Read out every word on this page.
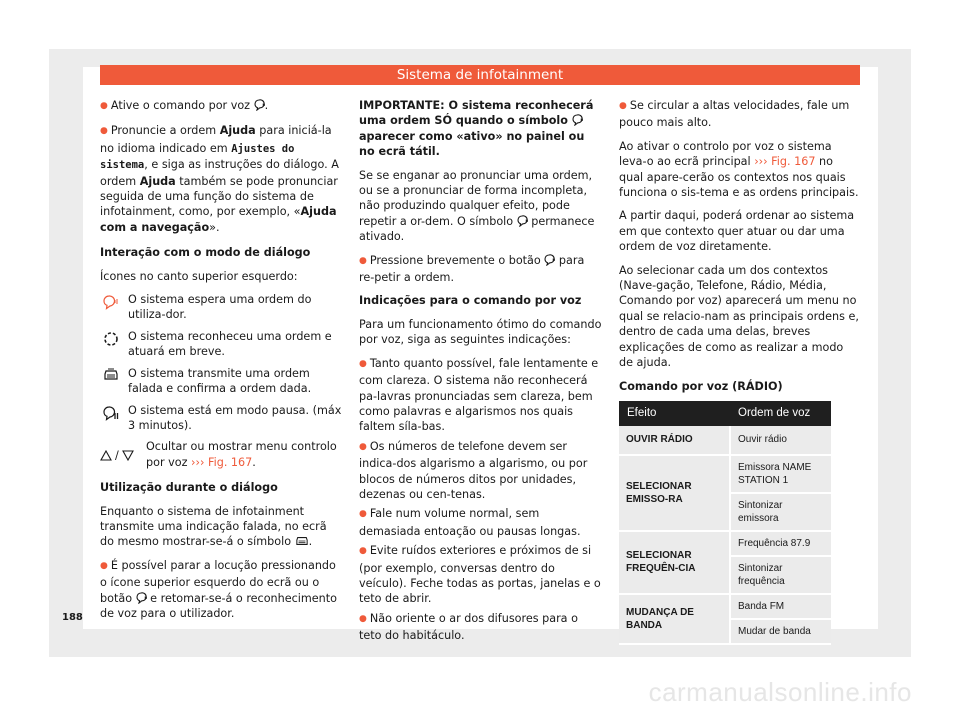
Sistema de infotainment

● Ative o comando por voz .

● Pronuncie a ordem Ajuda para iniciá-la no idioma indicado em Ajustes do sistema, e siga as instruções do diálogo. A ordem Ajuda também se pode pronunciar seguida de uma função do sistema de infotainment, como, por exemplo, «Ajuda com a navegação».

Interação com o modo de diálogo

Ícones no canto superior esquerdo:

O sistema espera uma ordem do utiliza-dor.
O sistema reconheceu uma ordem e atuará em breve.
O sistema transmite uma ordem falada e confirma a ordem dada.
O sistema está em modo pausa. (máx 3 minutos).
/
Ocultar ou mostrar menu controlo por voz ››› Fig. 167.

Utilização durante o diálogo

Enquanto o sistema de infotainment transmite uma indicação falada, no ecrã do mesmo mostrar-se-á o símbolo .

● É possível parar a locução pressionando o ícone superior esquerdo do ecrã ou o botão e retomar-se-á o reconhecimento de voz para o utilizador.

IMPORTANTE: O sistema reconhecerá uma ordem SÓ quando o símbolo  aparecer como «ativo» no painel ou no ecrã tátil.

Se se enganar ao pronunciar uma ordem, ou se a pronunciar de forma incompleta, não produzindo qualquer efeito, pode repetir a or-dem. O símbolo permanece ativado.

● Pressione brevemente o botão para re-petir a ordem.

Indicações para o comando por voz

Para um funcionamento ótimo do comando por voz, siga as seguintes indicações:

● Tanto quanto possível, fale lentamente e com clareza. O sistema não reconhecerá pa-lavras pronunciadas sem clareza, bem como palavras e algarismos nos quais faltem síla-bas.

● Os números de telefone devem ser indica-dos algarismo a algarismo, ou por blocos de números ditos por unidades, dezenas ou cen-tenas.

● Fale num volume normal, sem demasiada entoação ou pausas longas.

● Evite ruídos exteriores e próximos de si (por exemplo, conversas dentro do veículo). Feche todas as portas, janelas e o teto de abrir.

● Não oriente o ar dos difusores para o teto do habitáculo.

● Se circular a altas velocidades, fale um pouco mais alto.

Ao ativar o controlo por voz o sistema leva-o ao ecrã principal ››› Fig. 167 no qual apare-cerão os contextos nos quais funciona o sis-tema e as ordens principais.

A partir daqui, poderá ordenar ao sistema em que contexto quer atuar ou dar uma ordem de voz diretamente.

Ao selecionar cada um dos contextos (Nave-gação, Telefone, Rádio, Média, Comando por voz) aparecerá um menu no qual se relacio-nam as principais ordens e, dentro de cada uma delas, breves explicações de como as realizar a modo de ajuda.

Comando por voz (RÁDIO)

Efeito	Ordem de voz
OUVIR RÁDIO	Ouvir rádio
SELECIONAR EMISSO-RA	Emissora NAME STATION 1
	Sintonizar emissora
SELECIONAR FREQUÊN-CIA	Frequência 87.9
	Sintonizar frequência
MUDANÇA DE BANDA	Banda FM
	Mudar de banda
188
carmanualsonline.info
